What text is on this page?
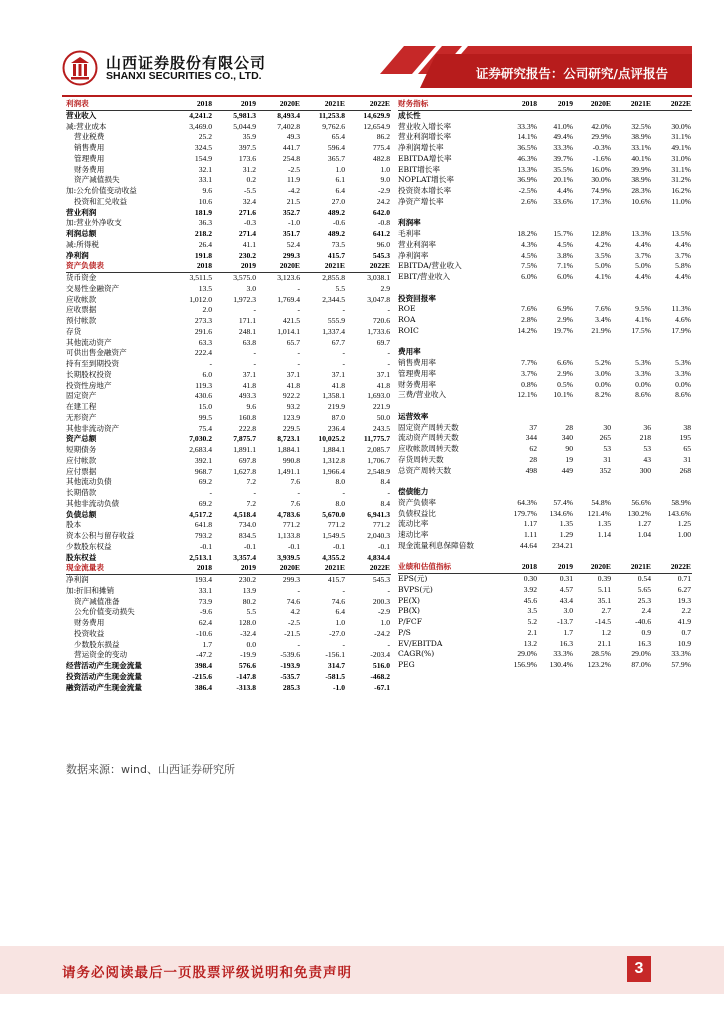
山西证券股份有限公司
SHANXI SECURITIES CO., LTD.	证券研究报告：公司研究/点评报告
利润表	2018	2019	2020E	2021E	2022E
营业收入	4,241.2	5,981.3	8,493.4	11,253.8	14,629.9
减:营业成本	3,469.0	5,044.9	7,402.8	9,762.6	12,654.9
营业税费	25.2	35.9	49.3	65.4	86.2
销售费用	324.5	397.5	441.7	596.4	775.4
管理费用	154.9	173.6	254.8	365.7	482.8
财务费用	32.1	31.2	-2.5	1.0	1.0
资产减值损失	33.1	0.2	11.9	6.1	9.0
加:公允价值变动收益	9.6	-5.5	-4.2	6.4	-2.9
投资和汇兑收益	10.6	32.4	21.5	27.0	24.2
营业利润	181.9	271.6	352.7	489.2	642.0
加:营业外净收支	36.3	-0.3	-1.0	-0.6	-0.8
利润总额	218.2	271.4	351.7	489.2	641.2
减:所得税	26.4	41.1	52.4	73.5	96.0
净利润	191.8	230.2	299.3	415.7	545.3
资产负债表	2018	2019	2020E	2021E	2022E
货币资金	3,511.5	3,575.0	3,123.6	2,855.8	3,038.1
交易性金融资产	13.5	3.0	-	5.5	2.9
应收帐款	1,012.0	1,972.3	1,769.4	2,344.5	3,047.8
应收票据	2.0	-	-	-	-
预付帐款	273.3	171.1	421.5	555.9	720.6
存货	291.6	248.1	1,014.1	1,337.4	1,733.6
其他流动资产	63.3	63.8	65.7	67.7	69.7
可供出售金融资产	222.4	-	-	-	-
持有至到期投资	-	-	-	-	-
长期股权投资	6.0	37.1	37.1	37.1	37.1
投资性房地产	119.3	41.8	41.8	41.8	41.8
固定资产	430.6	493.3	922.2	1,358.1	1,693.0
在建工程	15.0	9.6	93.2	219.9	221.9
无形资产	99.5	160.8	123.9	87.0	50.0
其他非流动资产	75.4	222.8	229.5	236.4	243.5
资产总额	7,030.2	7,875.7	8,723.1	10,025.2	11,775.7
短期债务	2,683.4	1,891.1	1,884.1	1,884.1	2,085.7
应付帐款	392.1	697.8	990.8	1,312.8	1,706.7
应付票据	968.7	1,627.8	1,491.1	1,966.4	2,548.9
其他流动负债	69.2	7.2	7.6	8.0	8.4
长期借款	-	-	-	-	-
其他非流动负债	69.2	7.2	7.6	8.0	8.4
负债总额	4,517.2	4,518.4	4,783.6	5,670.0	6,941.3
股本	641.8	734.0	771.2	771.2	771.2
资本公积与留存收益	793.2	834.5	1,133.8	1,549.5	2,040.3
少数股东权益	-0.1	-0.1	-0.1	-0.1	-0.1
股东权益	2,513.1	3,357.4	3,939.5	4,355.2	4,834.4
现金流量表	2018	2019	2020E	2021E	2022E
净利润	193.4	230.2	299.3	415.7	545.3
加:折旧和摊销	33.1	13.9	-	-	-
资产减值准备	73.9	80.2	74.6	74.6	200.3
公允价值变动损失	-9.6	5.5	4.2	6.4	-2.9
财务费用	62.4	128.0	-2.5	1.0	1.0
投资收益	-10.6	-32.4	-21.5	-27.0	-24.2
少数股东损益	1.7	0.0	-	-	-
营运资金的变动	-47.2	-19.9	-539.6	-156.1	-203.4
经营活动产生现金流量	398.4	576.6	-193.9	314.7	516.0
投资活动产生现金流量	-215.6	-147.8	-535.7	-581.5	-468.2
融资活动产生现金流量	386.4	-313.8	285.3	-1.0	-67.1
财务指标	2018	2019	2020E	2021E	2022E
成长性					
营业收入增长率	33.3%	41.0%	42.0%	32.5%	30.0%
营业利润增长率	14.1%	49.4%	29.9%	38.9%	31.1%
净利润增长率	36.5%	33.3%	-0.3%	33.1%	49.1%
EBITDA增长率	46.3%	39.7%	-1.6%	40.1%	31.0%
EBIT增长率	13.3%	35.5%	16.0%	39.9%	31.1%
NOPLAT增长率	36.9%	20.1%	30.0%	38.9%	31.2%
投资资本增长率	-2.5%	4.4%	74.9%	28.3%	16.2%
净资产增长率	2.6%	33.6%	17.3%	10.6%	11.0%

利润率					
毛利率	18.2%	15.7%	12.8%	13.3%	13.5%
营业利润率	4.3%	4.5%	4.2%	4.4%	4.4%
净利润率	4.5%	3.8%	3.5%	3.7%	3.7%
EBITDA/营业收入	7.5%	7.1%	5.0%	5.0%	5.8%
EBIT/营业收入	6.0%	6.0%	4.1%	4.4%	4.4%

投资回报率					
ROE	7.6%	6.9%	7.6%	9.5%	11.3%
ROA	2.8%	2.9%	3.4%	4.1%	4.6%
ROIC	14.2%	19.7%	21.9%	17.5%	17.9%

费用率					
销售费用率	7.7%	6.6%	5.2%	5.3%	5.3%
管理费用率	3.7%	2.9%	3.0%	3.3%	3.3%
财务费用率	0.8%	0.5%	0.0%	0.0%	0.0%
三费/营业收入	12.1%	10.1%	8.2%	8.6%	8.6%

运营效率					
固定资产周转天数	37	28	30	36	38
流动资产周转天数	344	340	265	218	195
应收帐款周转天数	62	90	53	53	65
存货周转天数	28	19	31	43	31
总资产周转天数	498	449	352	300	268

偿债能力					
资产负债率	64.3%	57.4%	54.8%	56.6%	58.9%
负债权益比	179.7%	134.6%	121.4%	130.2%	143.6%
流动比率	1.17	1.35	1.35	1.27	1.25
速动比率	1.11	1.29	1.14	1.04	1.00
现金流量利息保障倍数	44.64	234.21			

业绩和估值指标	2018	2019	2020E	2021E	2022E
EPS(元)	0.30	0.31	0.39	0.54	0.71
BVPS(元)	3.92	4.57	5.11	5.65	6.27
PE(X)	45.6	43.4	35.1	25.3	19.3
PB(X)	3.5	3.0	2.7	2.4	2.2
P/FCF	5.2	-13.7	-14.5	-40.6	41.9
P/S	2.1	1.7	1.2	0.9	0.7
EV/EBITDA	13.2	16.3	21.1	16.3	10.9
CAGR(%)	29.0%	33.3%	28.5%	29.0%	33.3%
PEG	156.9%	130.4%	123.2%	87.0%	57.9%
数据来源：wind、山西证券研究所
请务必阅读最后一页股票评级说明和免责声明	3
